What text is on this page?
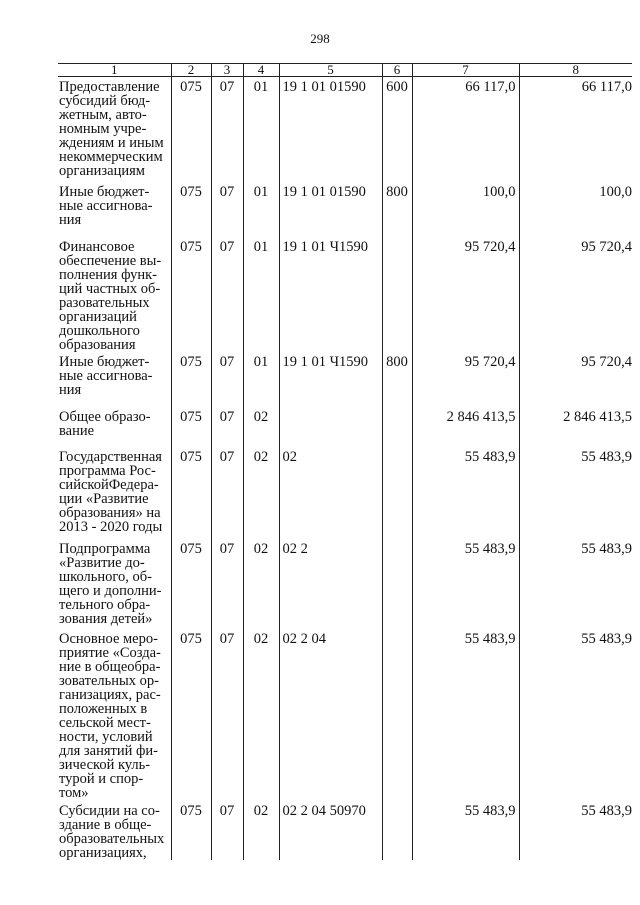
298
1	2	3	4	5	6	7	8

Предоставление субсидий бюд-жетным, авто-номным учре-ждениям и иным некоммерческим организациям	075	07	01	19 1 01 01590	600	66 117,0	66 117,0

Иные бюджет-ные ассигнова-ния	075	07	01	19 1 01 01590	800	100,0	100,0

Финансовое обеспечение вы-полнения функ-ций частных об-разовательных организаций дошкольного образования	075	07	01	19 1 01 Ч1590		95 720,4	95 720,4

Иные бюджет-ные ассигнова-ния	075	07	01	19 1 01 Ч1590	800	95 720,4	95 720,4

Общее образо-вание	075	07	02			2 846 413,5	2 846 413,5

Государственная программа Рос-сийскойФедера-ции «Развитие образования» на 2013 - 2020 годы	075	07	02	02		55 483,9	55 483,9

Подпрограмма «Развитие до-школьного, об-щего и дополни-тельного обра-зования детей»	075	07	02	02 2		55 483,9	55 483,9

Основное меро-приятие «Созда-ние в общеобра-зовательных ор-ганизациях, рас-положенных в сельской мест-ности, условий для занятий фи-зической куль-турой и спор-том»	075	07	02	02 2 04		55 483,9	55 483,9

Субсидии на со-здание в обще-образовательных организациях,	075	07	02	02 2 04 50970		55 483,9	55 483,9
